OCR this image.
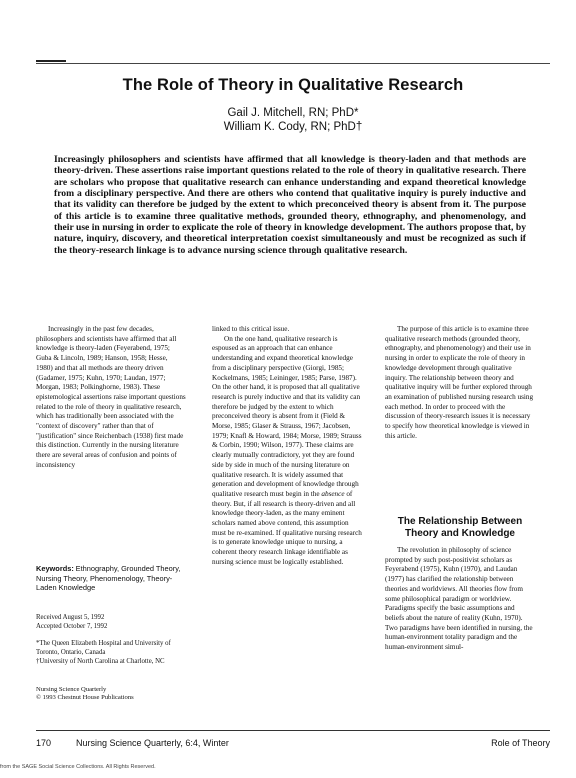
The Role of Theory in Qualitative Research
Gail J. Mitchell, RN; PhD*
William K. Cody, RN; PhD†

Increasingly philosophers and scientists have affirmed that all knowledge is theory-laden and that methods are theory-driven. These assertions raise important questions related to the role of theory in qualitative research. There are scholars who propose that qualitative research can enhance understanding and expand theoretical knowledge from a disciplinary perspective. And there are others who contend that qualitative inquiry is purely inductive and that its validity can therefore be judged by the extent to which preconceived theory is absent from it. The purpose of this article is to examine three qualitative methods, grounded theory, ethnography, and phenomenology, and their use in nursing in order to explicate the role of theory in knowledge development. The authors propose that, by nature, inquiry, discovery, and theoretical interpretation coexist simultaneously and must be recognized as such if the theory-research linkage is to advance nursing science through qualitative research.

Increasingly in the past few decades, philosophers and scientists have affirmed that all knowledge is theory-laden (Feyerabend, 1975; Guba & Lincoln, 1989; Hanson, 1958; Hesse, 1980) and that all methods are theory driven (Gadamer, 1975; Kuhn, 1970; Laudan, 1977; Morgan, 1983; Polkinghorne, 1983). These epistemological assertions raise important questions related to the role of theory in qualitative research, which has traditionally been associated with the "context of discovery" rather than that of "justification" since Reichenbach (1938) first made this distinction. Currently in the nursing literature there are several areas of confusion and points of inconsistency

Keywords: Ethnography, Grounded Theory, Nursing Theory, Phenomenology, Theory-Laden Knowledge
Received August 5, 1992
Accepted October 7, 1992

*The Queen Elizabeth Hospital and University of Toronto, Ontario, Canada

†University of North Carolina at Charlotte, NC

Nursing Science Quarterly
© 1993 Chestnut House Publications

linked to this critical issue.

On the one hand, qualitative research is espoused as an approach that can enhance understanding and expand theoretical knowledge from a disciplinary perspective (Giorgi, 1985; Kockelmans, 1985; Leininger, 1985; Parse, 1987). On the other hand, it is proposed that all qualitative research is purely inductive and that its validity can therefore be judged by the extent to which preconceived theory is absent from it (Field & Morse, 1985; Glaser & Strauss, 1967; Jacobsen, 1979; Knafl & Howard, 1984; Morse, 1989; Strauss & Corbin, 1990; Wilson, 1977). These claims are clearly mutually contradictory, yet they are found side by side in much of the nursing literature on qualitative research. It is widely assumed that generation and development of knowledge through qualitative research must begin in the absence of theory. But, if all research is theory-driven and all knowledge theory-laden, as the many eminent scholars named above contend, this assumption must be re-examined. If qualitative nursing research is to generate knowledge unique to nursing, a coherent theory research linkage identifiable as nursing science must be logically established.

The purpose of this article is to examine three qualitative research methods (grounded theory, ethnography, and phenomenology) and their use in nursing in order to explicate the role of theory in knowledge development through qualitative inquiry. The relationship between theory and qualitative inquiry will be further explored through an examination of published nursing research using each method. In order to proceed with the discussion of theory-research issues it is necessary to specify how theoretical knowledge is viewed in this article.

The Relationship Between Theory and Knowledge

The revolution in philosophy of science prompted by such post-positivist scholars as Feyerabend (1975), Kuhn (1970), and Laudan (1977) has clarified the relationship between theories and worldviews. All theories flow from some philosophical paradigm or worldview. Paradigms specify the basic assumptions and beliefs about the nature of reality (Kuhn, 1970). Two paradigms have been identified in nursing, the human-environment totality paradigm and the human-environment simul-

170	Nursing Science Quarterly, 6:4, Winter	Role of Theory
from the SAGE Social Science Collections. All Rights Reserved.
